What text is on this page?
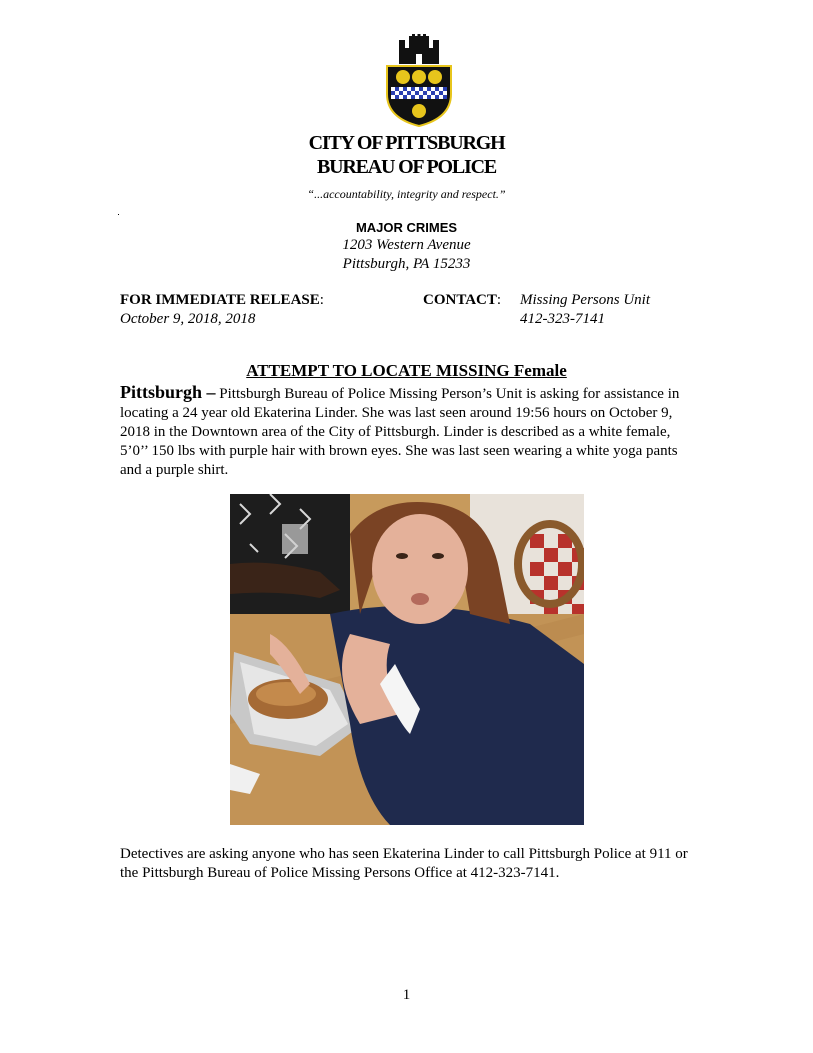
CITY OF PITTSBURGH
BUREAU OF POLICE
“...accountability, integrity and respect.”
MAJOR CRIMES
1203 Western Avenue
Pittsburgh, PA 15233
FOR IMMEDIATE RELEASE:
October 9, 2018, 2018
CONTACT: Missing Persons Unit
412-323-7141
ATTEMPT TO LOCATE MISSING Female
Pittsburgh – Pittsburgh Bureau of Police Missing Person’s Unit is asking for assistance in locating a 24 year old Ekaterina Linder. She was last seen around 19:56 hours on October 9, 2018 in the Downtown area of the City of Pittsburgh. Linder is described as a white female, 5’0’’ 150 lbs with purple hair with brown eyes. She was last seen wearing a white yoga pants and a purple shirt.
Detectives are asking anyone who has seen Ekaterina Linder to call Pittsburgh Police at 911 or the Pittsburgh Bureau of Police Missing Persons Office at 412-323-7141.
1
